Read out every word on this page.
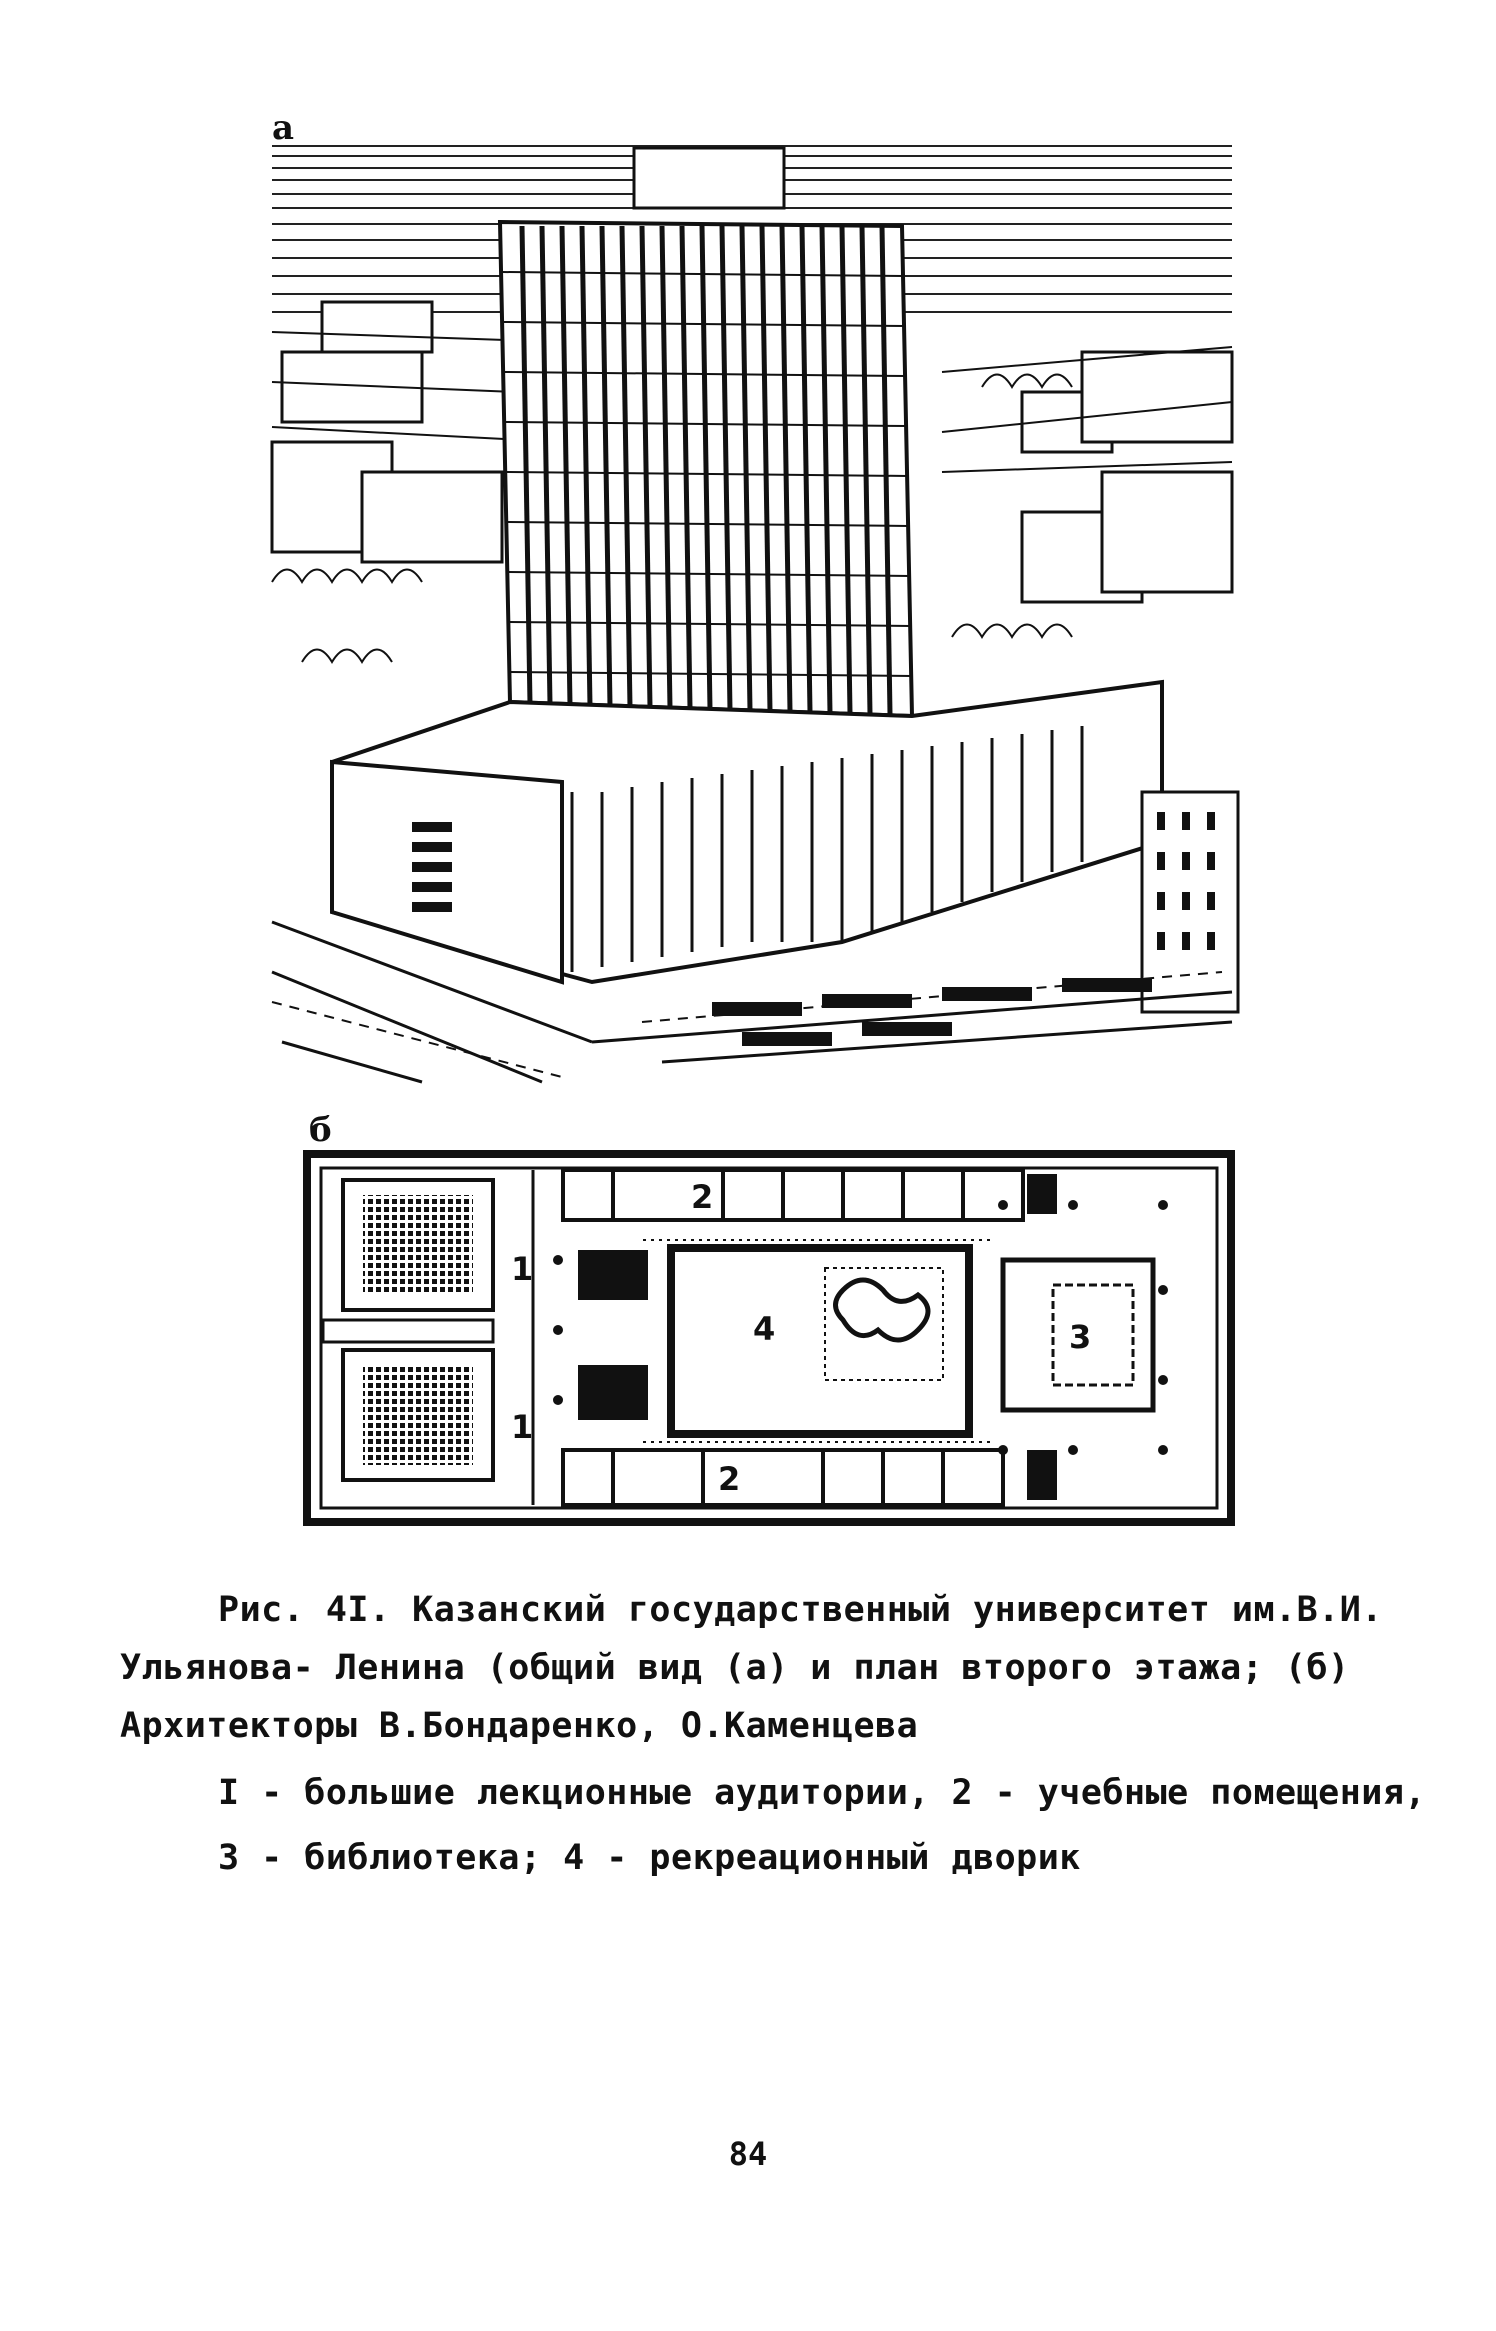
а
б
1
1
2
2
4	3
Рис. 4I. Казанский государственный университет им.В.И.
Ульянова- Ленина (общий вид (а) и план второго этажа; (б)
Архитекторы В.Бондаренко, О.Каменцева
I - большие лекционные аудитории, 2 - учебные помещения,
3 - библиотека; 4 - рекреационный дворик
84
